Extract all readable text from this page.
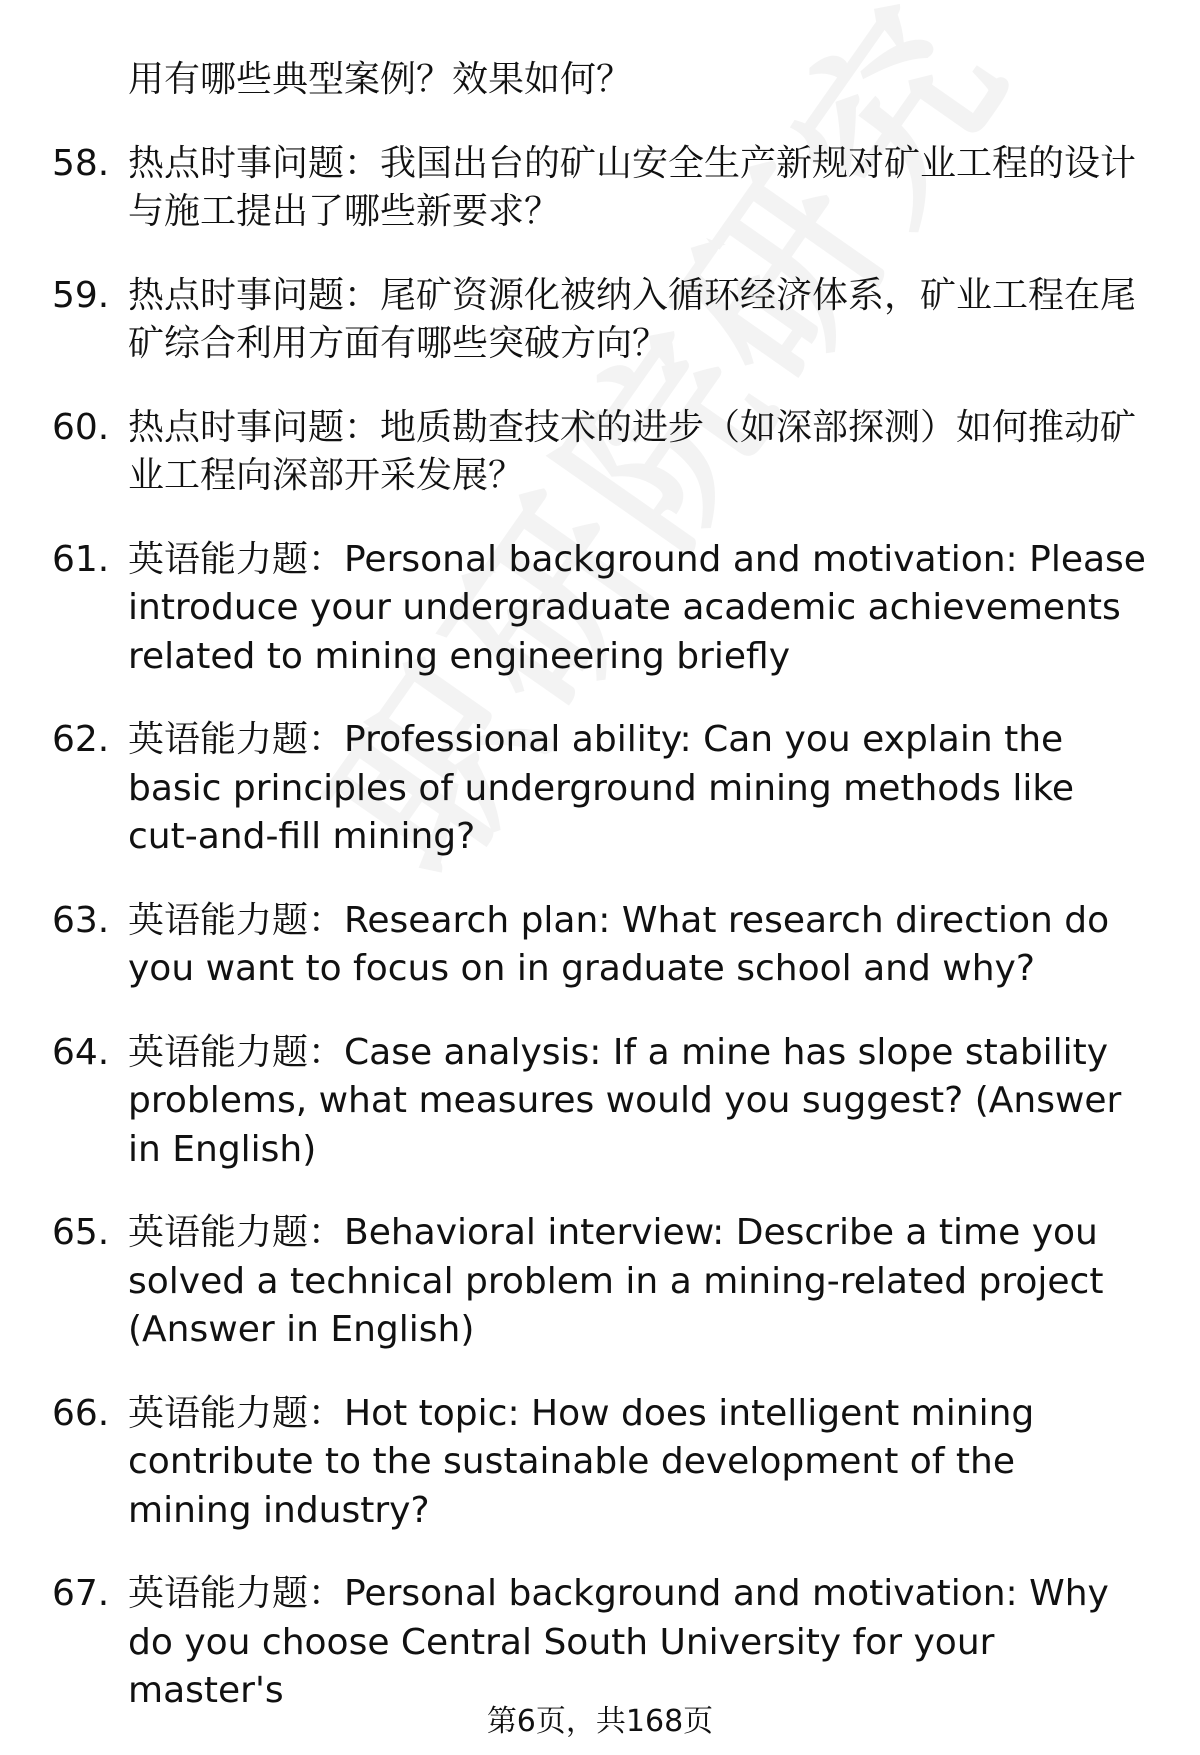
用有哪些典型案例？效果如何？
58. 热点时事问题：我国出台的矿山安全生产新规对矿业工程的设计与施工提出了哪些新要求？
59. 热点时事问题：尾矿资源化被纳入循环经济体系，矿业工程在尾矿综合利用方面有哪些突破方向？
60. 热点时事问题：地质勘查技术的进步（如深部探测）如何推动矿业工程向深部开采发展？
61. 英语能力题：Personal background and motivation: Please introduce your undergraduate academic achievements related to mining engineering briefly
62. 英语能力题：Professional ability: Can you explain the basic principles of underground mining methods like cut-and-fill mining?
63. 英语能力题：Research plan: What research direction do you want to focus on in graduate school and why?
64. 英语能力题：Case analysis: If a mine has slope stability problems, what measures would you suggest? (Answer in English)
65. 英语能力题：Behavioral interview: Describe a time you solved a technical problem in a mining-related project (Answer in English)
66. 英语能力题：Hot topic: How does intelligent mining contribute to the sustainable development of the mining industry?
67. 英语能力题：Personal background and motivation: Why do you choose Central South University for your master's
第6页，共168页
